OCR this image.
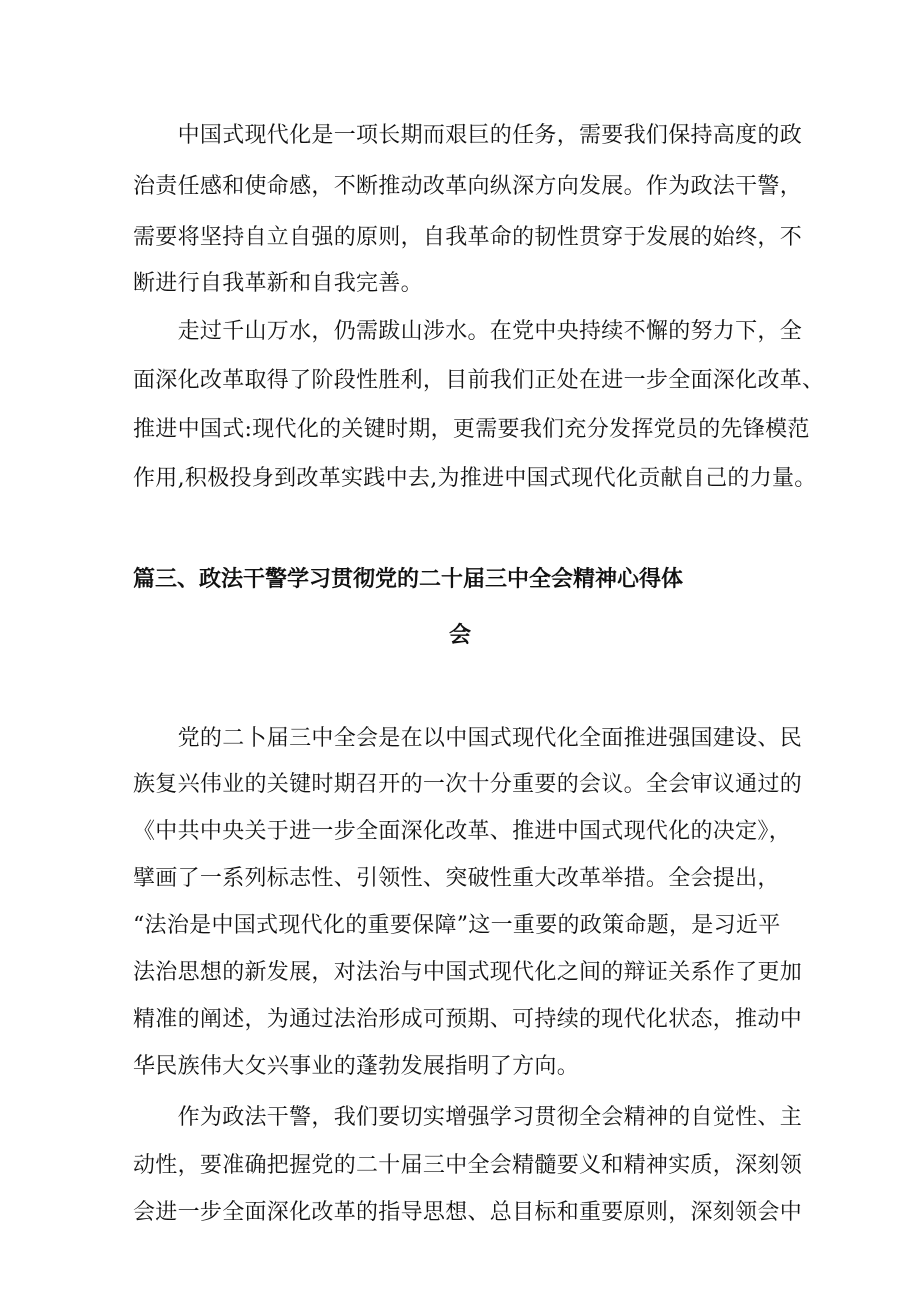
　　中国式现代化是一项长期而艰巨的任务，需要我们保持高度的政
治责任感和使命感，不断推动改革向纵深方向发展。作为政法干警，
需要将坚持自立自强的原则，自我革命的韧性贯穿于发展的始终，不
断进行自我革新和自我完善。
　　走过千山万水，仍需跋山涉水。在党中央持续不懈的努力下，全
面深化改革取得了阶段性胜利，目前我们正处在进一步全面深化改革、
推进中国式:现代化的关键时期，更需要我们充分发挥党员的先锋模范
作用,积极投身到改革实践中去,为推进中国式现代化贡献自己的力量。
篇三、政法干警学习贯彻党的二十届三中全会精神心得体
会
　　党的二卜届三中全会是在以中国式现代化全面推进强国建设、民
族复兴伟业的关键时期召开的一次十分重要的会议。全会审议通过的
《中共中央关于进一步全面深化改革、推进中国式现代化的决定》，
擘画了一系列标志性、引领性、突破性重大改革举措。全会提出，
“法治是中国式现代化的重要保障”这一重要的政策命题，是习近平
法治思想的新发展，对法治与中国式现代化之间的辩证关系作了更加
精准的阐述，为通过法治形成可预期、可持续的现代化状态，推动中
华民族伟大攵兴事业的蓬勃发展指明了方向。
　　作为政法干警，我们要切实增强学习贯彻全会精神的自觉性、主
动性，要准确把握党的二十届三中全会精髓要义和精神实质，深刻领
会进一步全面深化改革的指导思想、总目标和重要原则，深刻领会中
